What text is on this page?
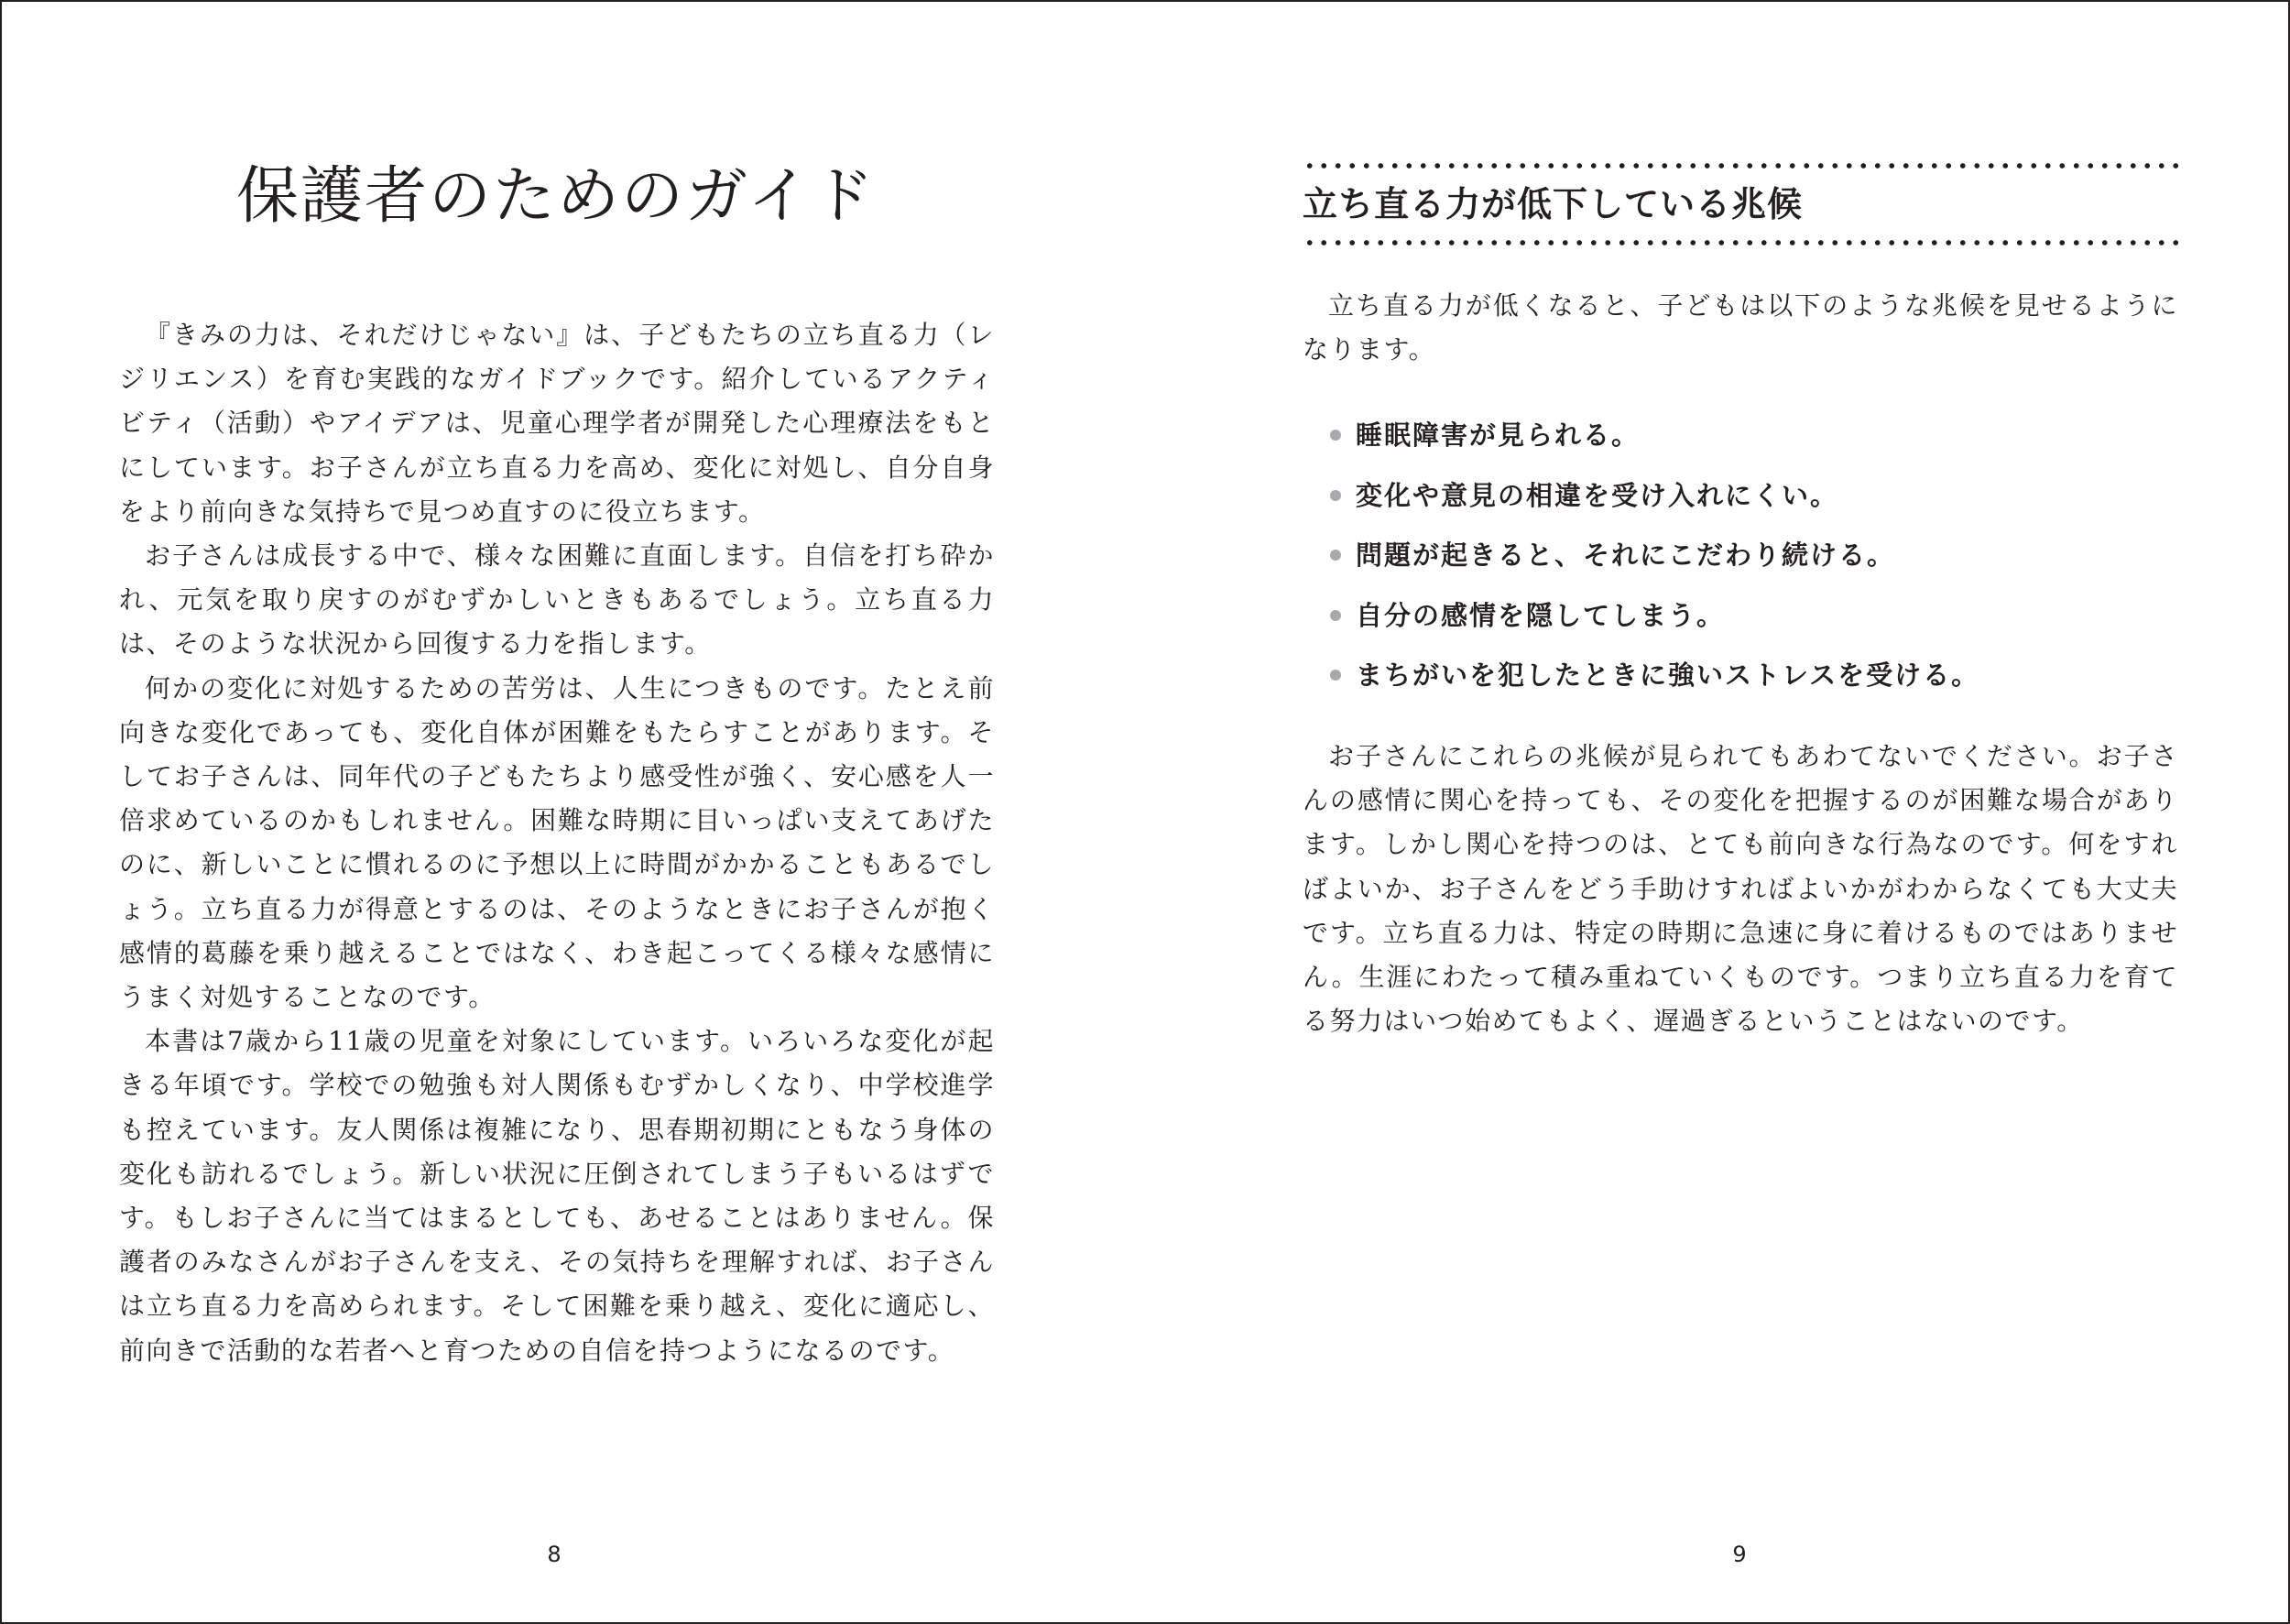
保護者のためのガイド

『きみの力は、それだけじゃない』は、子どもたちの立ち直る力（レジリエンス）を育む実践的なガイドブックです。紹介しているアクティビティ（活動）やアイデアは、児童心理学者が開発した心理療法をもとにしています。お子さんが立ち直る力を高め、変化に対処し、自分自身をより前向きな気持ちで見つめ直すのに役立ちます。

お子さんは成長する中で、様々な困難に直面します。自信を打ち砕かれ、元気を取り戻すのがむずかしいときもあるでしょう。立ち直る力は、そのような状況から回復する力を指します。

何かの変化に対処するための苦労は、人生につきものです。たとえ前向きな変化であっても、変化自体が困難をもたらすことがあります。そしてお子さんは、同年代の子どもたちより感受性が強く、安心感を人一倍求めているのかもしれません。困難な時期に目いっぱい支えてあげたのに、新しいことに慣れるのに予想以上に時間がかかることもあるでしょう。立ち直る力が得意とするのは、そのようなときにお子さんが抱く感情的葛藤を乗り越えることではなく、わき起こってくる様々な感情にうまく対処することなのです。

本書は7歳から11歳の児童を対象にしています。いろいろな変化が起きる年頃です。学校での勉強も対人関係もむずかしくなり、中学校進学も控えています。友人関係は複雑になり、思春期初期にともなう身体の変化も訪れるでしょう。新しい状況に圧倒されてしまう子もいるはずです。もしお子さんに当てはまるとしても、あせることはありません。保護者のみなさんがお子さんを支え、その気持ちを理解すれば、お子さんは立ち直る力を高められます。そして困難を乗り越え、変化に適応し、前向きで活動的な若者へと育つための自信を持つようになるのです。

8
立ち直る力が低下している兆候

立ち直る力が低くなると、子どもは以下のような兆候を見せるようになります。

睡眠障害が見られる。
変化や意見の相違を受け入れにくい。
問題が起きると、それにこだわり続ける。
自分の感情を隠してしまう。
まちがいを犯したときに強いストレスを受ける。

お子さんにこれらの兆候が見られてもあわてないでください。お子さんの感情に関心を持っても、その変化を把握するのが困難な場合があります。しかし関心を持つのは、とても前向きな行為なのです。何をすればよいか、お子さんをどう手助けすればよいかがわからなくても大丈夫です。立ち直る力は、特定の時期に急速に身に着けるものではありません。生涯にわたって積み重ねていくものです。つまり立ち直る力を育てる努力はいつ始めてもよく、遅過ぎるということはないのです。

9
